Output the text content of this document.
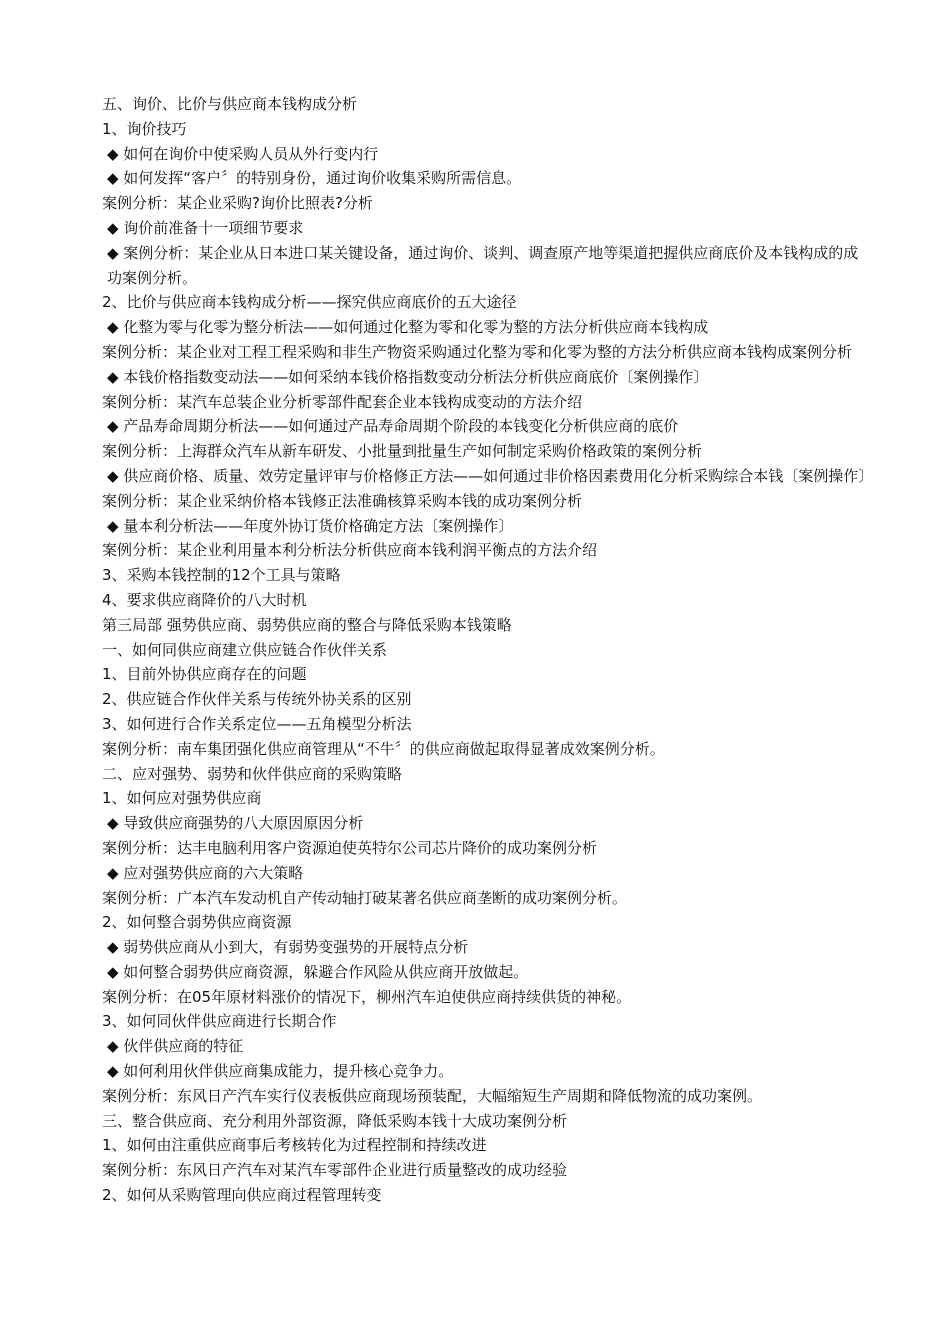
五、询价、比价与供应商本钱构成分析
1、询价技巧
◆ 如何在询价中使采购人员从外行变内行
◆ 如何发挥“客户〞的特别身份，通过询价收集采购所需信息。
案例分析：某企业采购?询价比照表?分析
◆ 询价前准备十一项细节要求
◆ 案例分析：某企业从日本进口某关键设备，通过询价、谈判、调查原产地等渠道把握供应商底价及本钱构成的成功案例分析。
2、比价与供应商本钱构成分析——探究供应商底价的五大途径
◆ 化整为零与化零为整分析法——如何通过化整为零和化零为整的方法分析供应商本钱构成
案例分析：某企业对工程工程采购和非生产物资采购通过化整为零和化零为整的方法分析供应商本钱构成案例分析
◆ 本钱价格指数变动法——如何采纳本钱价格指数变动分析法分析供应商底价〔案例操作〕
案例分析：某汽车总装企业分析零部件配套企业本钱构成变动的方法介绍
◆ 产品寿命周期分析法——如何通过产品寿命周期个阶段的本钱变化分析供应商的底价
案例分析：上海群众汽车从新车研发、小批量到批量生产如何制定采购价格政策的案例分析
◆ 供应商价格、质量、效劳定量评审与价格修正方法——如何通过非价格因素费用化分析采购综合本钱〔案例操作〕
案例分析：某企业采纳价格本钱修正法准确核算采购本钱的成功案例分析
◆ 量本利分析法——年度外协订货价格确定方法〔案例操作〕
案例分析：某企业利用量本利分析法分析供应商本钱利润平衡点的方法介绍
3、采购本钱控制的12个工具与策略
4、要求供应商降价的八大时机
第三局部 强势供应商、弱势供应商的整合与降低采购本钱策略
一、如何同供应商建立供应链合作伙伴关系
1、目前外协供应商存在的问题
2、供应链合作伙伴关系与传统外协关系的区别
3、如何进行合作关系定位——五角模型分析法
案例分析：南车集团强化供应商管理从“不牛〞的供应商做起取得显著成效案例分析。
二、应对强势、弱势和伙伴供应商的采购策略
1、如何应对强势供应商
◆ 导致供应商强势的八大原因原因分析
案例分析：达丰电脑利用客户资源迫使英特尔公司芯片降价的成功案例分析
◆ 应对强势供应商的六大策略
案例分析：广本汽车发动机自产传动轴打破某著名供应商垄断的成功案例分析。
2、如何整合弱势供应商资源
◆ 弱势供应商从小到大，有弱势变强势的开展特点分析
◆ 如何整合弱势供应商资源，躲避合作风险从供应商开放做起。
案例分析：在05年原材料涨价的情况下，柳州汽车迫使供应商持续供货的神秘。
3、如何同伙伴供应商进行长期合作
◆ 伙伴供应商的特征
◆ 如何利用伙伴供应商集成能力，提升核心竞争力。
案例分析：东风日产汽车实行仪表板供应商现场预装配，大幅缩短生产周期和降低物流的成功案例。
三、整合供应商、充分利用外部资源，降低采购本钱十大成功案例分析
1、如何由注重供应商事后考核转化为过程控制和持续改进
案例分析：东风日产汽车对某汽车零部件企业进行质量整改的成功经验
2、如何从采购管理向供应商过程管理转变
